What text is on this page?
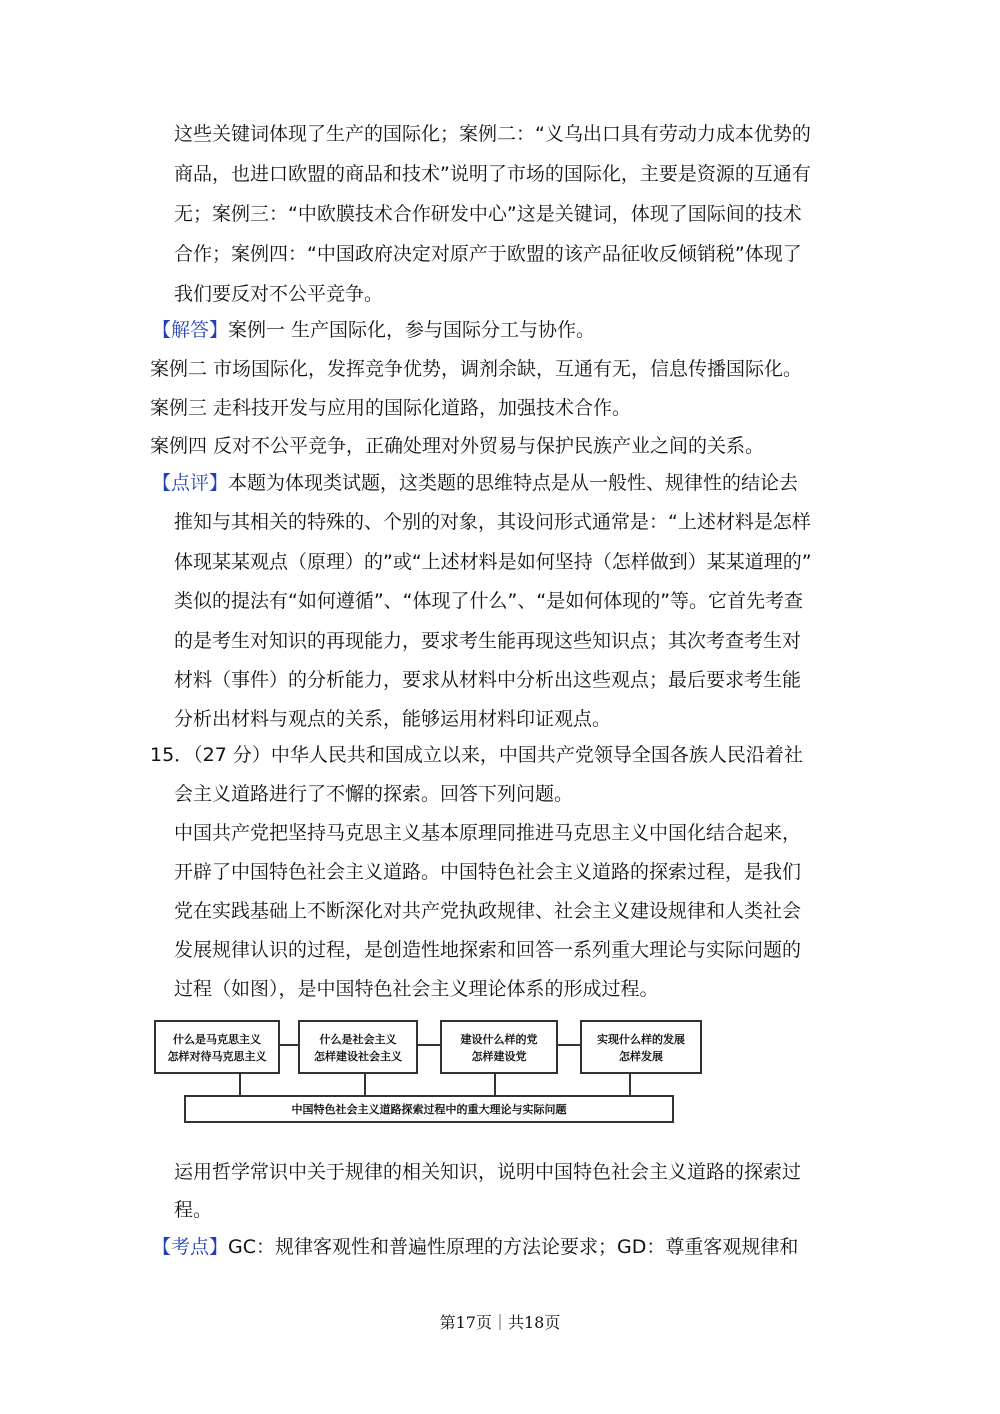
这些关键词体现了生产的国际化；案例二：“义乌出口具有劳动力成本优势的
商品，也进口欧盟的商品和技术”说明了市场的国际化，主要是资源的互通有
无；案例三：“中欧膜技术合作研发中心”这是关键词，体现了国际间的技术
合作；案例四：“中国政府决定对原产于欧盟的该产品征收反倾销税”体现了
我们要反对不公平竞争。
【解答】案例一 生产国际化，参与国际分工与协作。
案例二 市场国际化，发挥竞争优势，调剂余缺，互通有无，信息传播国际化。
案例三 走科技开发与应用的国际化道路，加强技术合作。
案例四 反对不公平竞争，正确处理对外贸易与保护民族产业之间的关系。
【点评】本题为体现类试题，这类题的思维特点是从一般性、规律性的结论去
推知与其相关的特殊的、个别的对象，其设问形式通常是：“上述材料是怎样
体现某某观点（原理）的”或“上述材料是如何坚持（怎样做到）某某道理的”
类似的提法有“如何遵循”、“体现了什么”、“是如何体现的”等。它首先考查
的是考生对知识的再现能力，要求考生能再现这些知识点；其次考查考生对
材料（事件）的分析能力，要求从材料中分析出这些观点；最后要求考生能
分析出材料与观点的关系，能够运用材料印证观点。
15．（27 分）中华人民共和国成立以来，中国共产党领导全国各族人民沿着社
会主义道路进行了不懈的探索。回答下列问题。
中国共产党把坚持马克思主义基本原理同推进马克思主义中国化结合起来，
开辟了中国特色社会主义道路。中国特色社会主义道路的探索过程，是我们
党在实践基础上不断深化对共产党执政规律、社会主义建设规律和人类社会
发展规律认识的过程，是创造性地探索和回答一系列重大理论与实际问题的
过程（如图），是中国特色社会主义理论体系的形成过程。
什么是马克思主义
怎样对待马克思主义
什么是社会主义
怎样建设社会主义
建设什么样的党
怎样建设党
实现什么样的发展
怎样发展
中国特色社会主义道路探索过程中的重大理论与实际问题
运用哲学常识中关于规律的相关知识，说明中国特色社会主义道路的探索过
程。
【考点】GC：规律客观性和普遍性原理的方法论要求；GD：尊重客观规律和
第17页｜共18页
